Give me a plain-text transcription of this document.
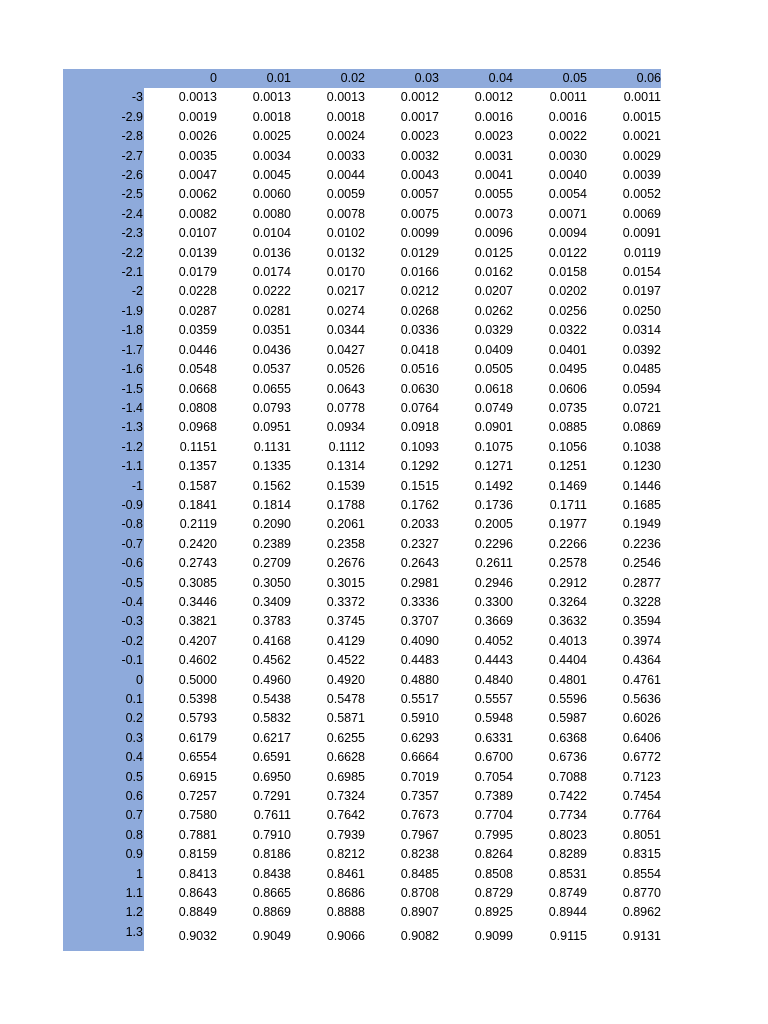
	0	0.01	0.02	0.03	0.04	0.05	0.06
-3	0.0013	0.0013	0.0013	0.0012	0.0012	0.0011	0.0011
-2.9	0.0019	0.0018	0.0018	0.0017	0.0016	0.0016	0.0015
-2.8	0.0026	0.0025	0.0024	0.0023	0.0023	0.0022	0.0021
-2.7	0.0035	0.0034	0.0033	0.0032	0.0031	0.0030	0.0029
-2.6	0.0047	0.0045	0.0044	0.0043	0.0041	0.0040	0.0039
-2.5	0.0062	0.0060	0.0059	0.0057	0.0055	0.0054	0.0052
-2.4	0.0082	0.0080	0.0078	0.0075	0.0073	0.0071	0.0069
-2.3	0.0107	0.0104	0.0102	0.0099	0.0096	0.0094	0.0091
-2.2	0.0139	0.0136	0.0132	0.0129	0.0125	0.0122	0.0119
-2.1	0.0179	0.0174	0.0170	0.0166	0.0162	0.0158	0.0154
-2	0.0228	0.0222	0.0217	0.0212	0.0207	0.0202	0.0197
-1.9	0.0287	0.0281	0.0274	0.0268	0.0262	0.0256	0.0250
-1.8	0.0359	0.0351	0.0344	0.0336	0.0329	0.0322	0.0314
-1.7	0.0446	0.0436	0.0427	0.0418	0.0409	0.0401	0.0392
-1.6	0.0548	0.0537	0.0526	0.0516	0.0505	0.0495	0.0485
-1.5	0.0668	0.0655	0.0643	0.0630	0.0618	0.0606	0.0594
-1.4	0.0808	0.0793	0.0778	0.0764	0.0749	0.0735	0.0721
-1.3	0.0968	0.0951	0.0934	0.0918	0.0901	0.0885	0.0869
-1.2	0.1151	0.1131	0.1112	0.1093	0.1075	0.1056	0.1038
-1.1	0.1357	0.1335	0.1314	0.1292	0.1271	0.1251	0.1230
-1	0.1587	0.1562	0.1539	0.1515	0.1492	0.1469	0.1446
-0.9	0.1841	0.1814	0.1788	0.1762	0.1736	0.1711	0.1685
-0.8	0.2119	0.2090	0.2061	0.2033	0.2005	0.1977	0.1949
-0.7	0.2420	0.2389	0.2358	0.2327	0.2296	0.2266	0.2236
-0.6	0.2743	0.2709	0.2676	0.2643	0.2611	0.2578	0.2546
-0.5	0.3085	0.3050	0.3015	0.2981	0.2946	0.2912	0.2877
-0.4	0.3446	0.3409	0.3372	0.3336	0.3300	0.3264	0.3228
-0.3	0.3821	0.3783	0.3745	0.3707	0.3669	0.3632	0.3594
-0.2	0.4207	0.4168	0.4129	0.4090	0.4052	0.4013	0.3974
-0.1	0.4602	0.4562	0.4522	0.4483	0.4443	0.4404	0.4364
0	0.5000	0.4960	0.4920	0.4880	0.4840	0.4801	0.4761
0.1	0.5398	0.5438	0.5478	0.5517	0.5557	0.5596	0.5636
0.2	0.5793	0.5832	0.5871	0.5910	0.5948	0.5987	0.6026
0.3	0.6179	0.6217	0.6255	0.6293	0.6331	0.6368	0.6406
0.4	0.6554	0.6591	0.6628	0.6664	0.6700	0.6736	0.6772
0.5	0.6915	0.6950	0.6985	0.7019	0.7054	0.7088	0.7123
0.6	0.7257	0.7291	0.7324	0.7357	0.7389	0.7422	0.7454
0.7	0.7580	0.7611	0.7642	0.7673	0.7704	0.7734	0.7764
0.8	0.7881	0.7910	0.7939	0.7967	0.7995	0.8023	0.8051
0.9	0.8159	0.8186	0.8212	0.8238	0.8264	0.8289	0.8315
1	0.8413	0.8438	0.8461	0.8485	0.8508	0.8531	0.8554
1.1	0.8643	0.8665	0.8686	0.8708	0.8729	0.8749	0.8770
1.2	0.8849	0.8869	0.8888	0.8907	0.8925	0.8944	0.8962
1.3	0.9032	0.9049	0.9066	0.9082	0.9099	0.9115	0.9131
